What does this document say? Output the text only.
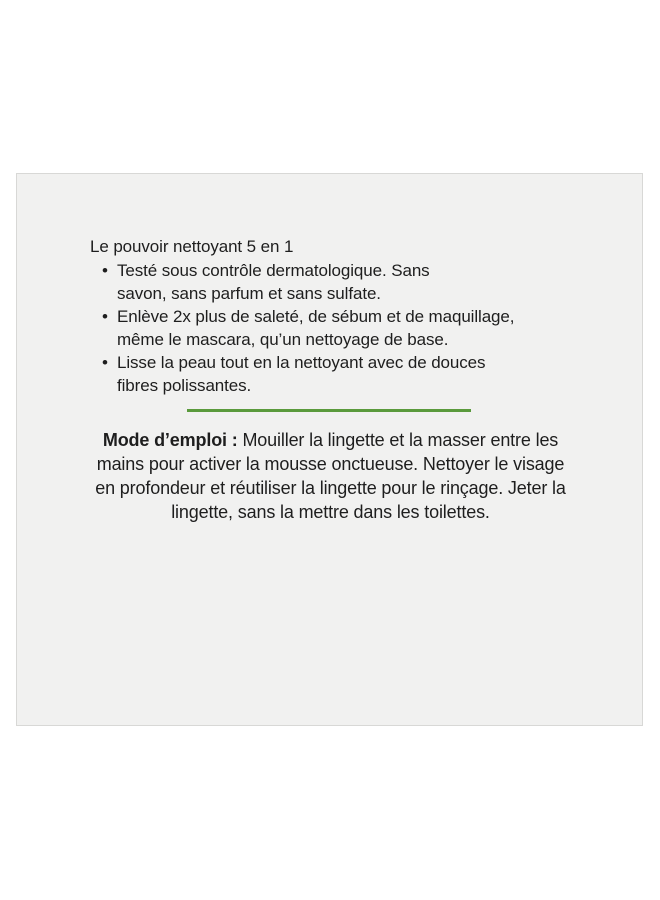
Le pouvoir nettoyant 5 en 1
• Testé sous contrôle dermatologique. Sans
savon, sans parfum et sans sulfate.
• Enlève 2x plus de saleté, de sébum et de maquillage,
même le mascara, qu’un nettoyage de base.
• Lisse la peau tout en la nettoyant avec de douces
fibres polissantes.
Mode d’emploi : Mouiller la lingette et la masser entre les
mains pour activer la mousse onctueuse. Nettoyer le visage
en profondeur et réutiliser la lingette pour le rinçage. Jeter la
lingette, sans la mettre dans les toilettes.
